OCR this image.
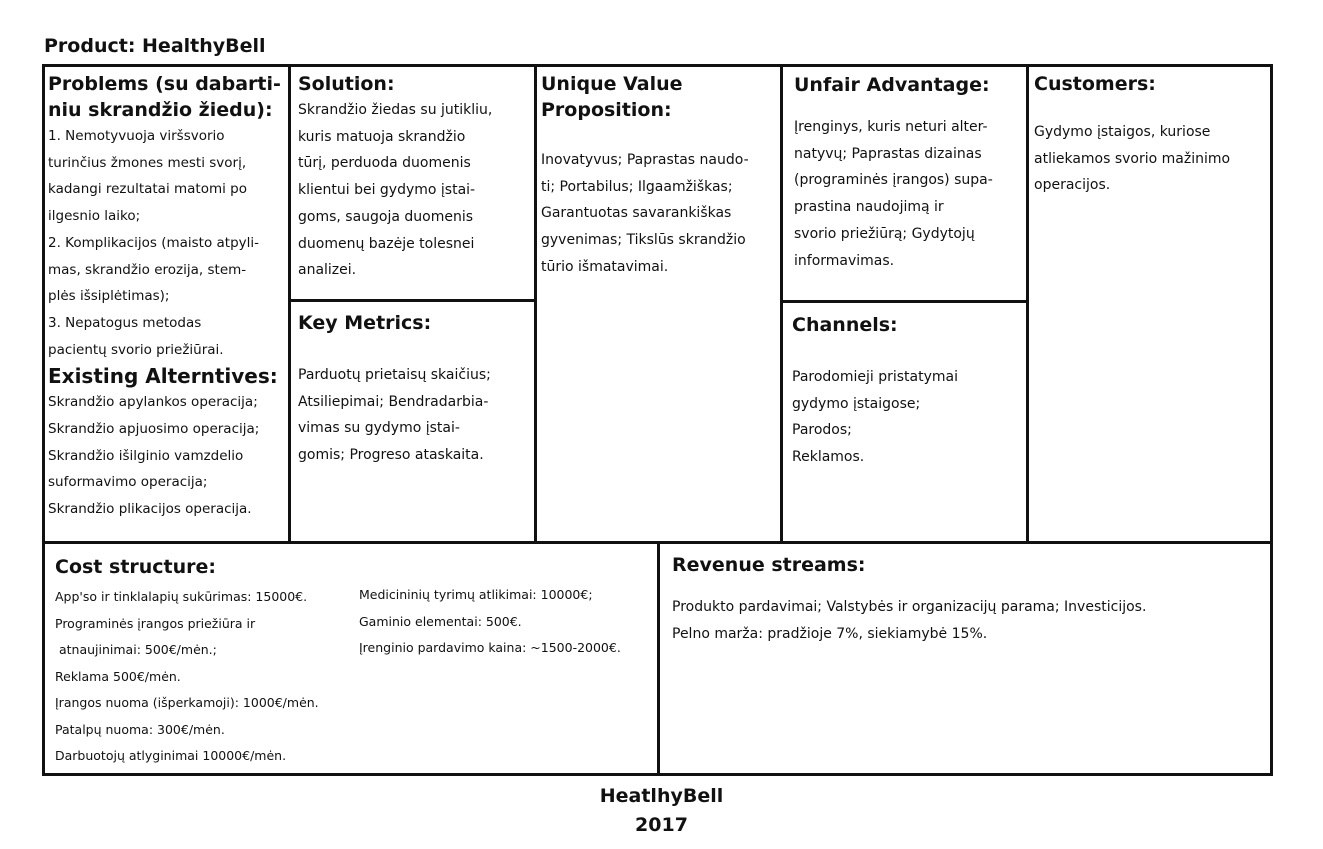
Product: HealthyBell
Problems (su dabarti-
niu skrandžio žiedu):
1. Nemotyvuoja viršsvorio
turinčius žmones mesti svorį,
kadangi rezultatai matomi po
ilgesnio laiko;
2. Komplikacijos (maisto atpyli-
mas, skrandžio erozija, stem-
plės išsiplėtimas);
3. Nepatogus metodas
pacientų svorio priežiūrai.
Existing Alterntives:
Skrandžio apylankos operacija;
Skrandžio apjuosimo operacija;
Skrandžio išilginio vamzdelio
suformavimo operacija;
Skrandžio plikacijos operacija.
Solution:
Skrandžio žiedas su jutikliu,
kuris matuoja skrandžio
tūrį, perduoda duomenis
klientui bei gydymo įstai-
goms, saugoja duomenis
duomenų bazėje tolesnei
analizei.
Key Metrics:
Parduotų prietaisų skaičius;
Atsiliepimai; Bendradarbia-
vimas su gydymo įstai-
gomis; Progreso ataskaita.
Unique Value
Proposition:
Inovatyvus; Paprastas naudo-
ti; Portabilus; Ilgaamžiškas;
Garantuotas savarankiškas
gyvenimas; Tikslūs skrandžio
tūrio išmatavimai.
Unfair Advantage:
Įrenginys, kuris neturi alter-
natyvų; Paprastas dizainas
(programinės įrangos) supa-
prastina naudojimą ir
svorio priežiūrą; Gydytojų
informavimas.
Channels:
Parodomieji pristatymai
gydymo įstaigose;
Parodos;
Reklamos.
Customers:
Gydymo įstaigos, kuriose
atliekamos svorio mažinimo
operacijos.
Cost structure:
App'so ir tinklalapių sukūrimas: 15000€.
Programinės įrangos priežiūra ir
atnaujinimai: 500€/mėn.;
Reklama 500€/mėn.
Įrangos nuoma (išperkamoji): 1000€/mėn.
Patalpų nuoma: 300€/mėn.
Darbuotojų atlyginimai 10000€/mėn.
Medicininių tyrimų atlikimai: 10000€;
Gaminio elementai: 500€.
Įrenginio pardavimo kaina: ~1500-2000€.
Revenue streams:
Produkto pardavimai; Valstybės ir organizacijų parama; Investicijos.
Pelno marža: pradžioje 7%, siekiamybė 15%.
HeatlhyBell
2017
